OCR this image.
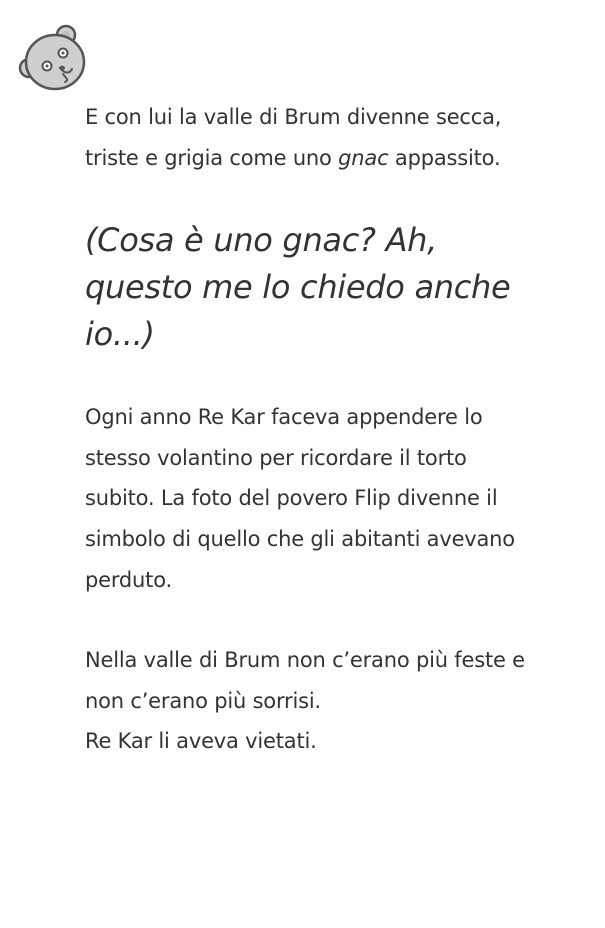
E con lui la valle di Brum divenne secca, triste e grigia come uno gnac appassito.

(Cosa è uno gnac? Ah, questo me lo chiedo anche io...)

Ogni anno Re Kar faceva appendere lo stesso volantino per ricordare il torto subito. La foto del povero Flip divenne il simbolo di quello che gli abitanti avevano perduto.

Nella valle di Brum non c’erano più feste e non c’erano più sorrisi.
Re Kar li aveva vietati.
